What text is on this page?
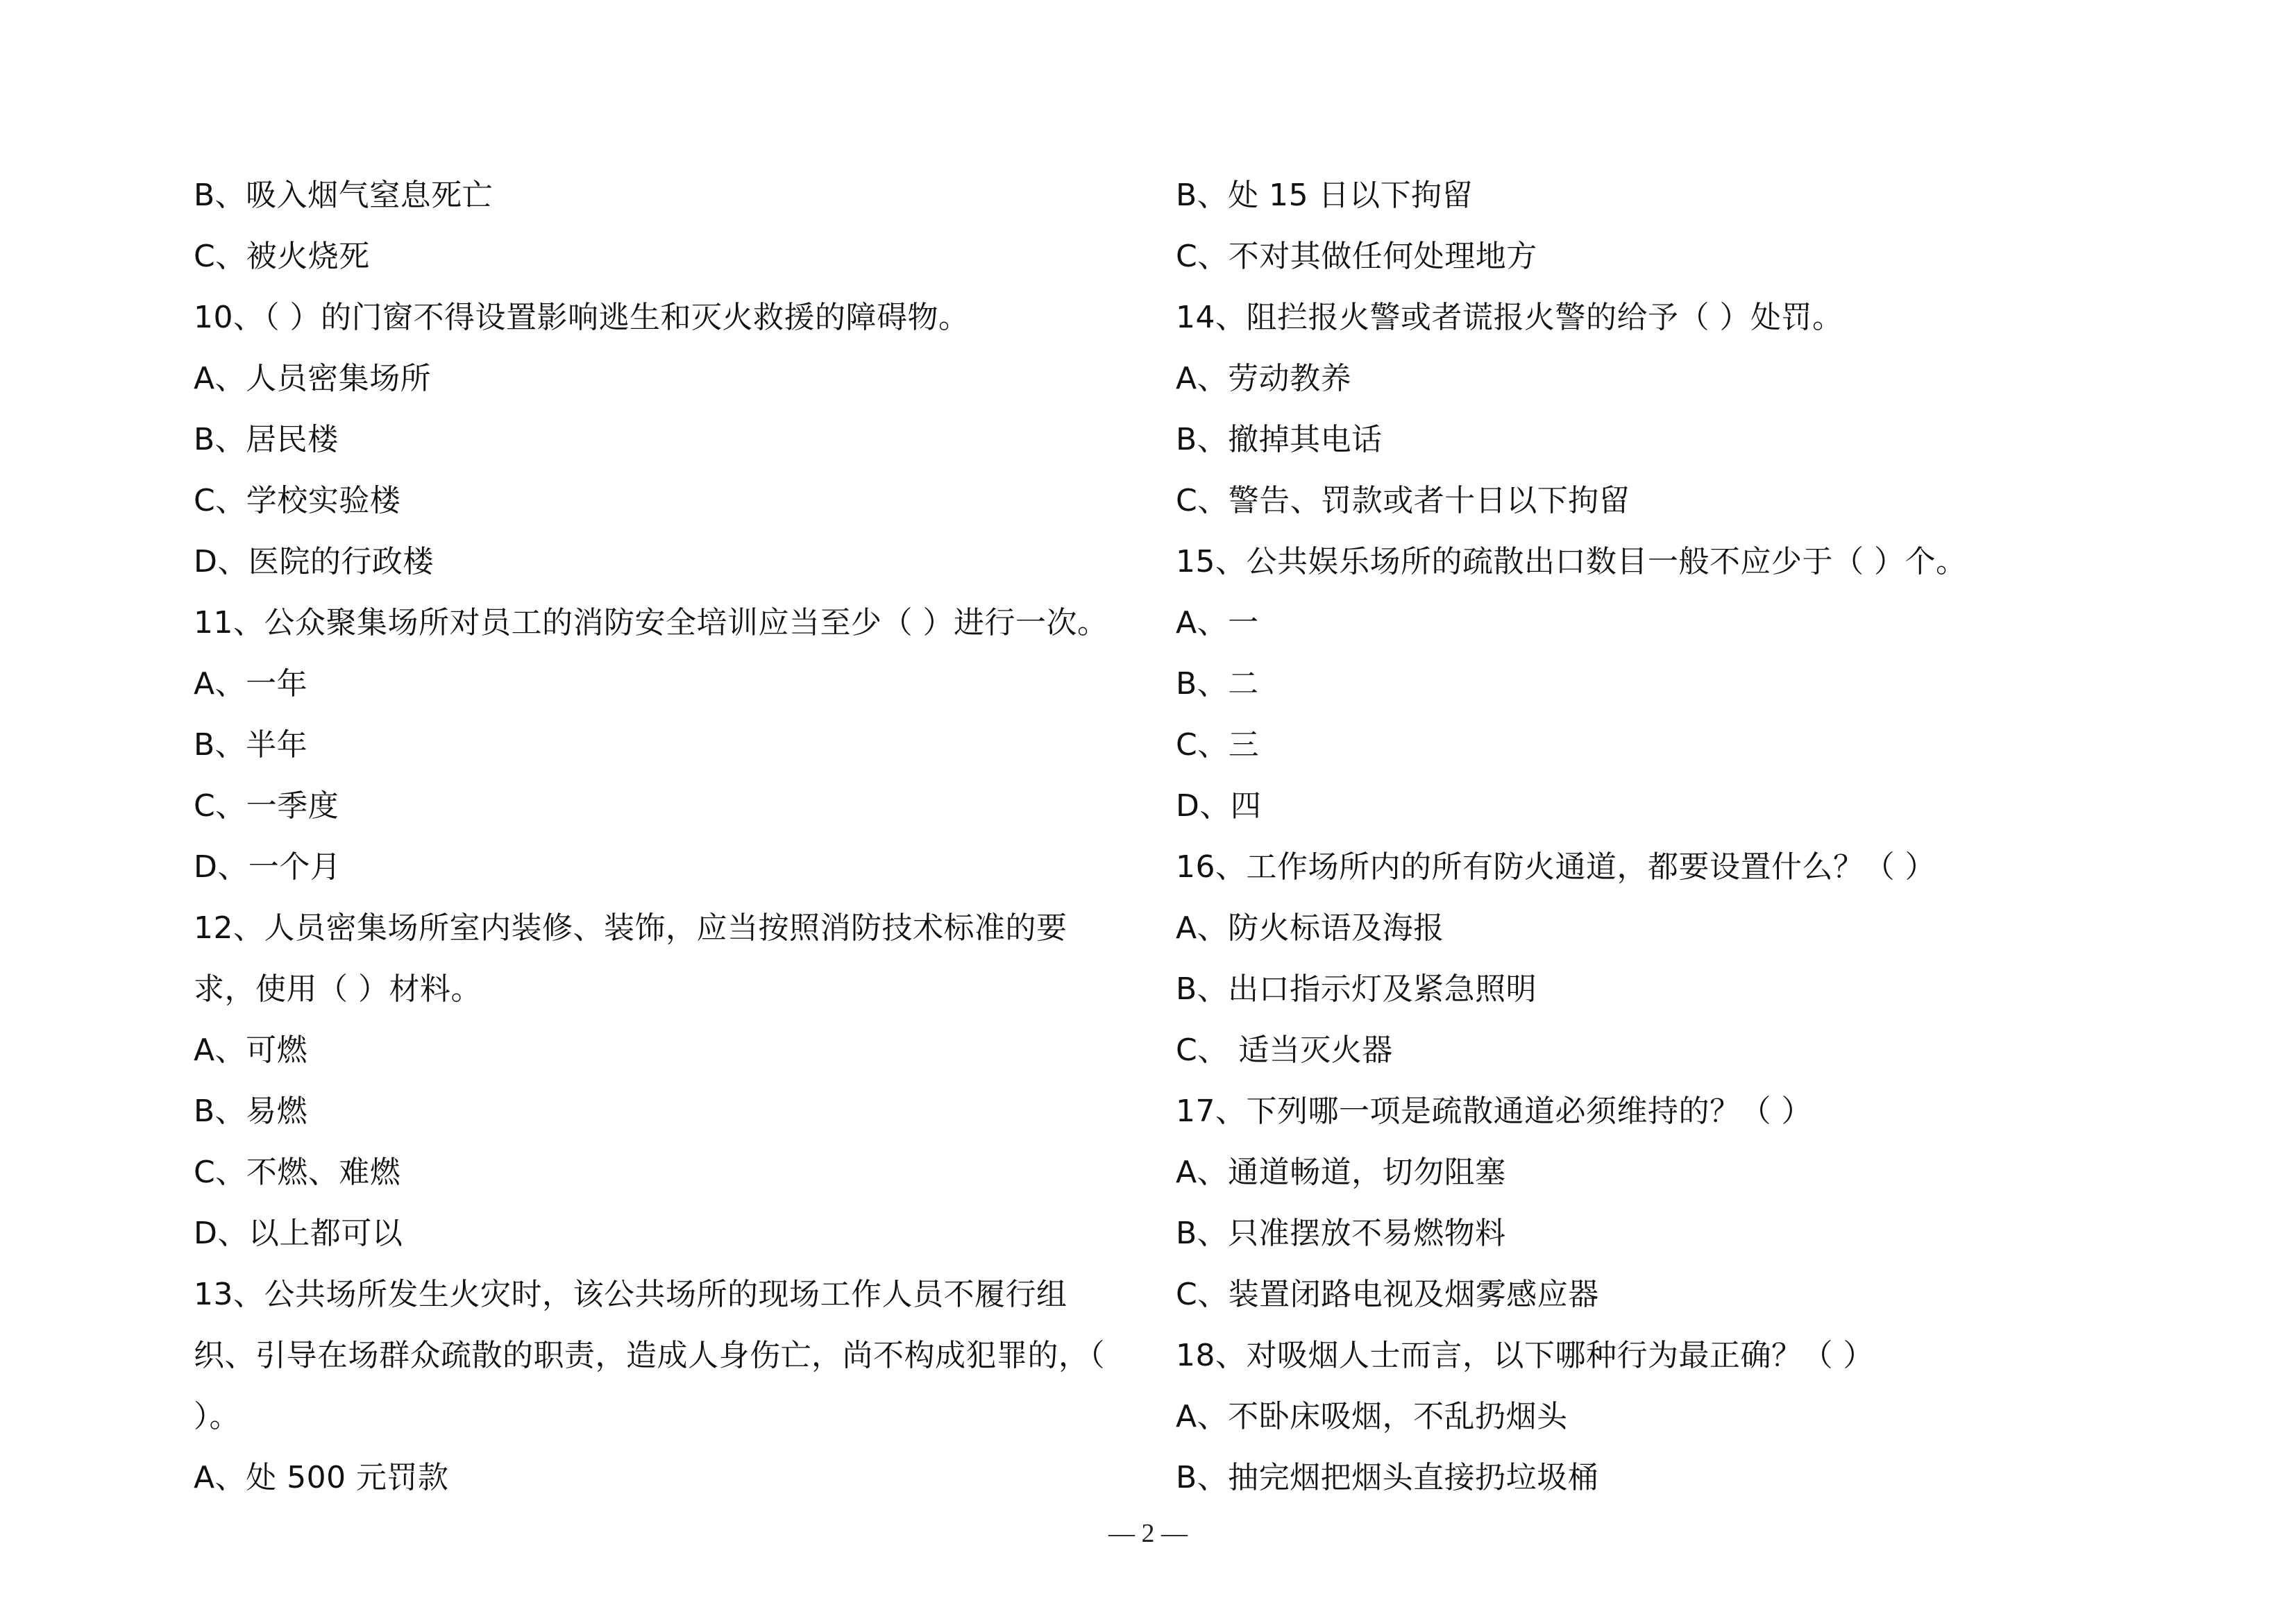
B、吸入烟气窒息死亡

C、被火烧死

10、（ ）的门窗不得设置影响逃生和灭火救援的障碍物。

A、人员密集场所

B、居民楼

C、学校实验楼

D、医院的行政楼

11、公众聚集场所对员工的消防安全培训应当至少（ ）进行一次。

A、一年

B、半年

C、一季度

D、一个月

12、人员密集场所室内装修、装饰，应当按照消防技术标准的要

求，使用（ ）材料。

A、可燃

B、易燃

C、不燃、难燃

D、以上都可以

13、公共场所发生火灾时，该公共场所的现场工作人员不履行组

织、引导在场群众疏散的职责，造成人身伤亡，尚不构成犯罪的，（

）。

A、处 500 元罚款

B、处 15 日以下拘留

C、不对其做任何处理地方

14、阻拦报火警或者谎报火警的给予（ ）处罚。

A、劳动教养

B、撤掉其电话

C、警告、罚款或者十日以下拘留

15、公共娱乐场所的疏散出口数目一般不应少于（ ）个。

A、一

B、二

C、三

D、四

16、工作场所内的所有防火通道，都要设置什么？（ ）

A、防火标语及海报

B、出口指示灯及紧急照明

C、 适当灭火器

17、下列哪一项是疏散通道必须维持的？（ ）

A、通道畅道，切勿阻塞

B、只准摆放不易燃物料

C、装置闭路电视及烟雾感应器

18、对吸烟人士而言，以下哪种行为最正确？（ ）

A、不卧床吸烟，不乱扔烟头

B、抽完烟把烟头直接扔垃圾桶

— 2 —
